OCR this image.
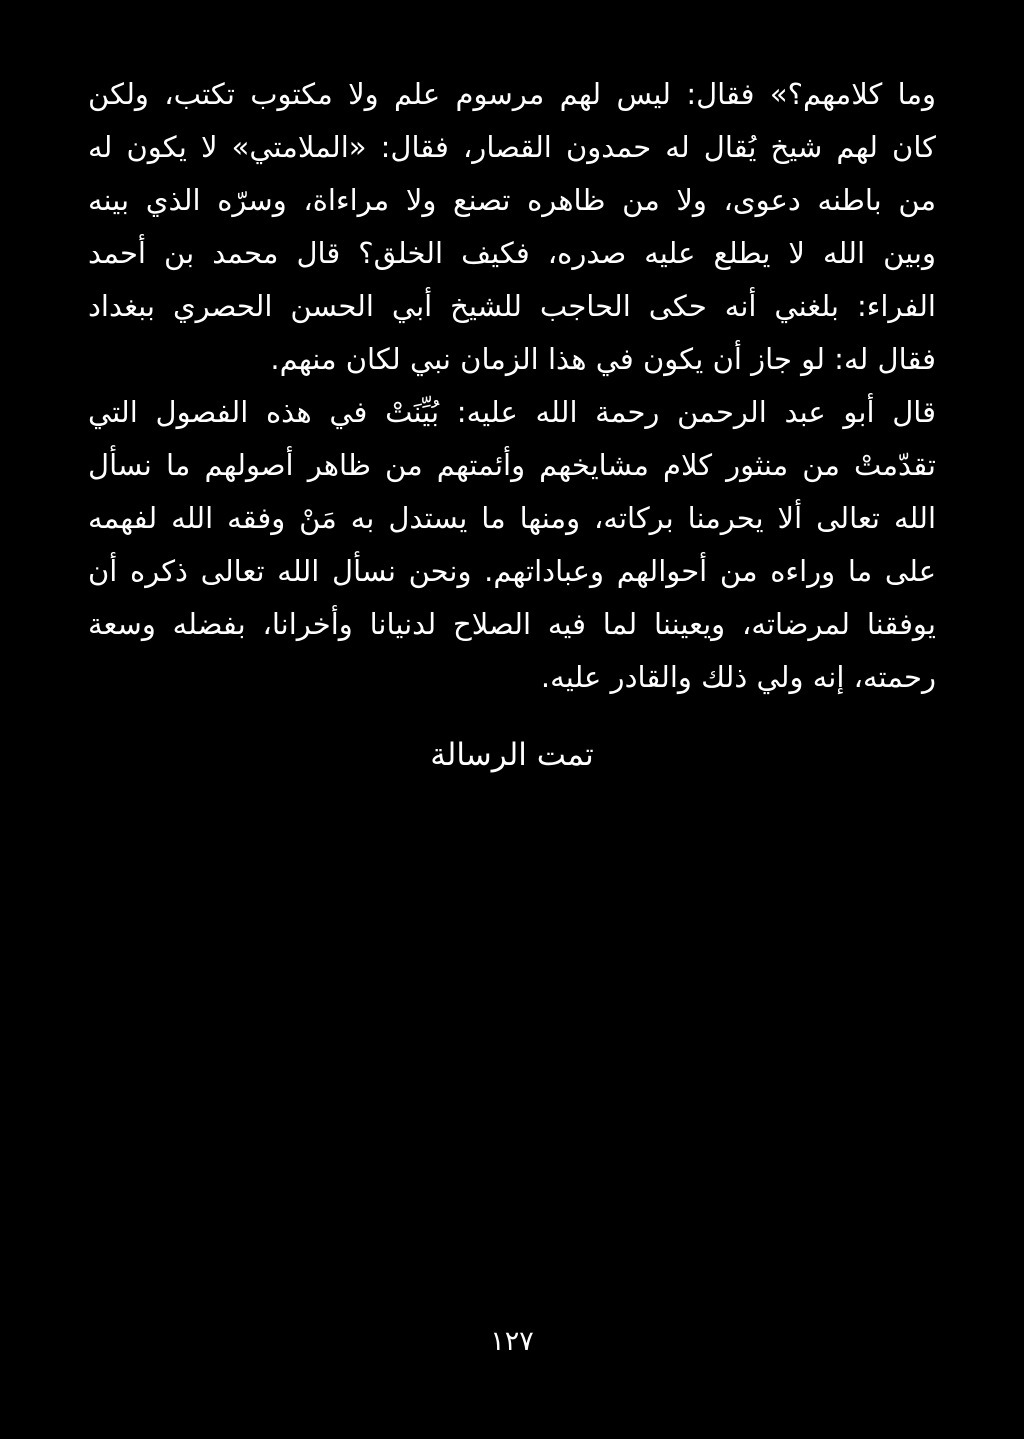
وما كلامهم؟» فقال: ليس لهم مرسوم علم ولا مكتوب تكتب، ولكن
كان لهم شيخ يُقال له حمدون القصار، فقال: «الملامتي» لا يكون له
من باطنه دعوى، ولا من ظاهره تصنع ولا مراءاة، وسرّه الذي بينه
وبين الله لا يطلع عليه صدره، فكيف الخلق؟ قال محمد بن أحمد
الفراء: بلغني أنه حكى الحاجب للشيخ أبي الحسن الحصري ببغداد
فقال له: لو جاز أن يكون في هذا الزمان نبي لكان منهم.
قال أبو عبد الرحمن رحمة الله عليه: بُيِّنَتْ في هذه الفصول التي
تقدّمتْ من منثور كلام مشايخهم وأئمتهم من ظاهر أصولهم ما نسأل
الله تعالى ألا يحرمنا بركاته، ومنها ما يستدل به مَنْ وفقه الله لفهمه
على ما وراءه من أحوالهم وعباداتهم. ونحن نسأل الله تعالى ذكره أن
يوفقنا لمرضاته، ويعيننا لما فيه الصلاح لدنيانا وأخرانا، بفضله وسعة
رحمته، إنه ولي ذلك والقادر عليه.
تمت الرسالة
١٢٧
